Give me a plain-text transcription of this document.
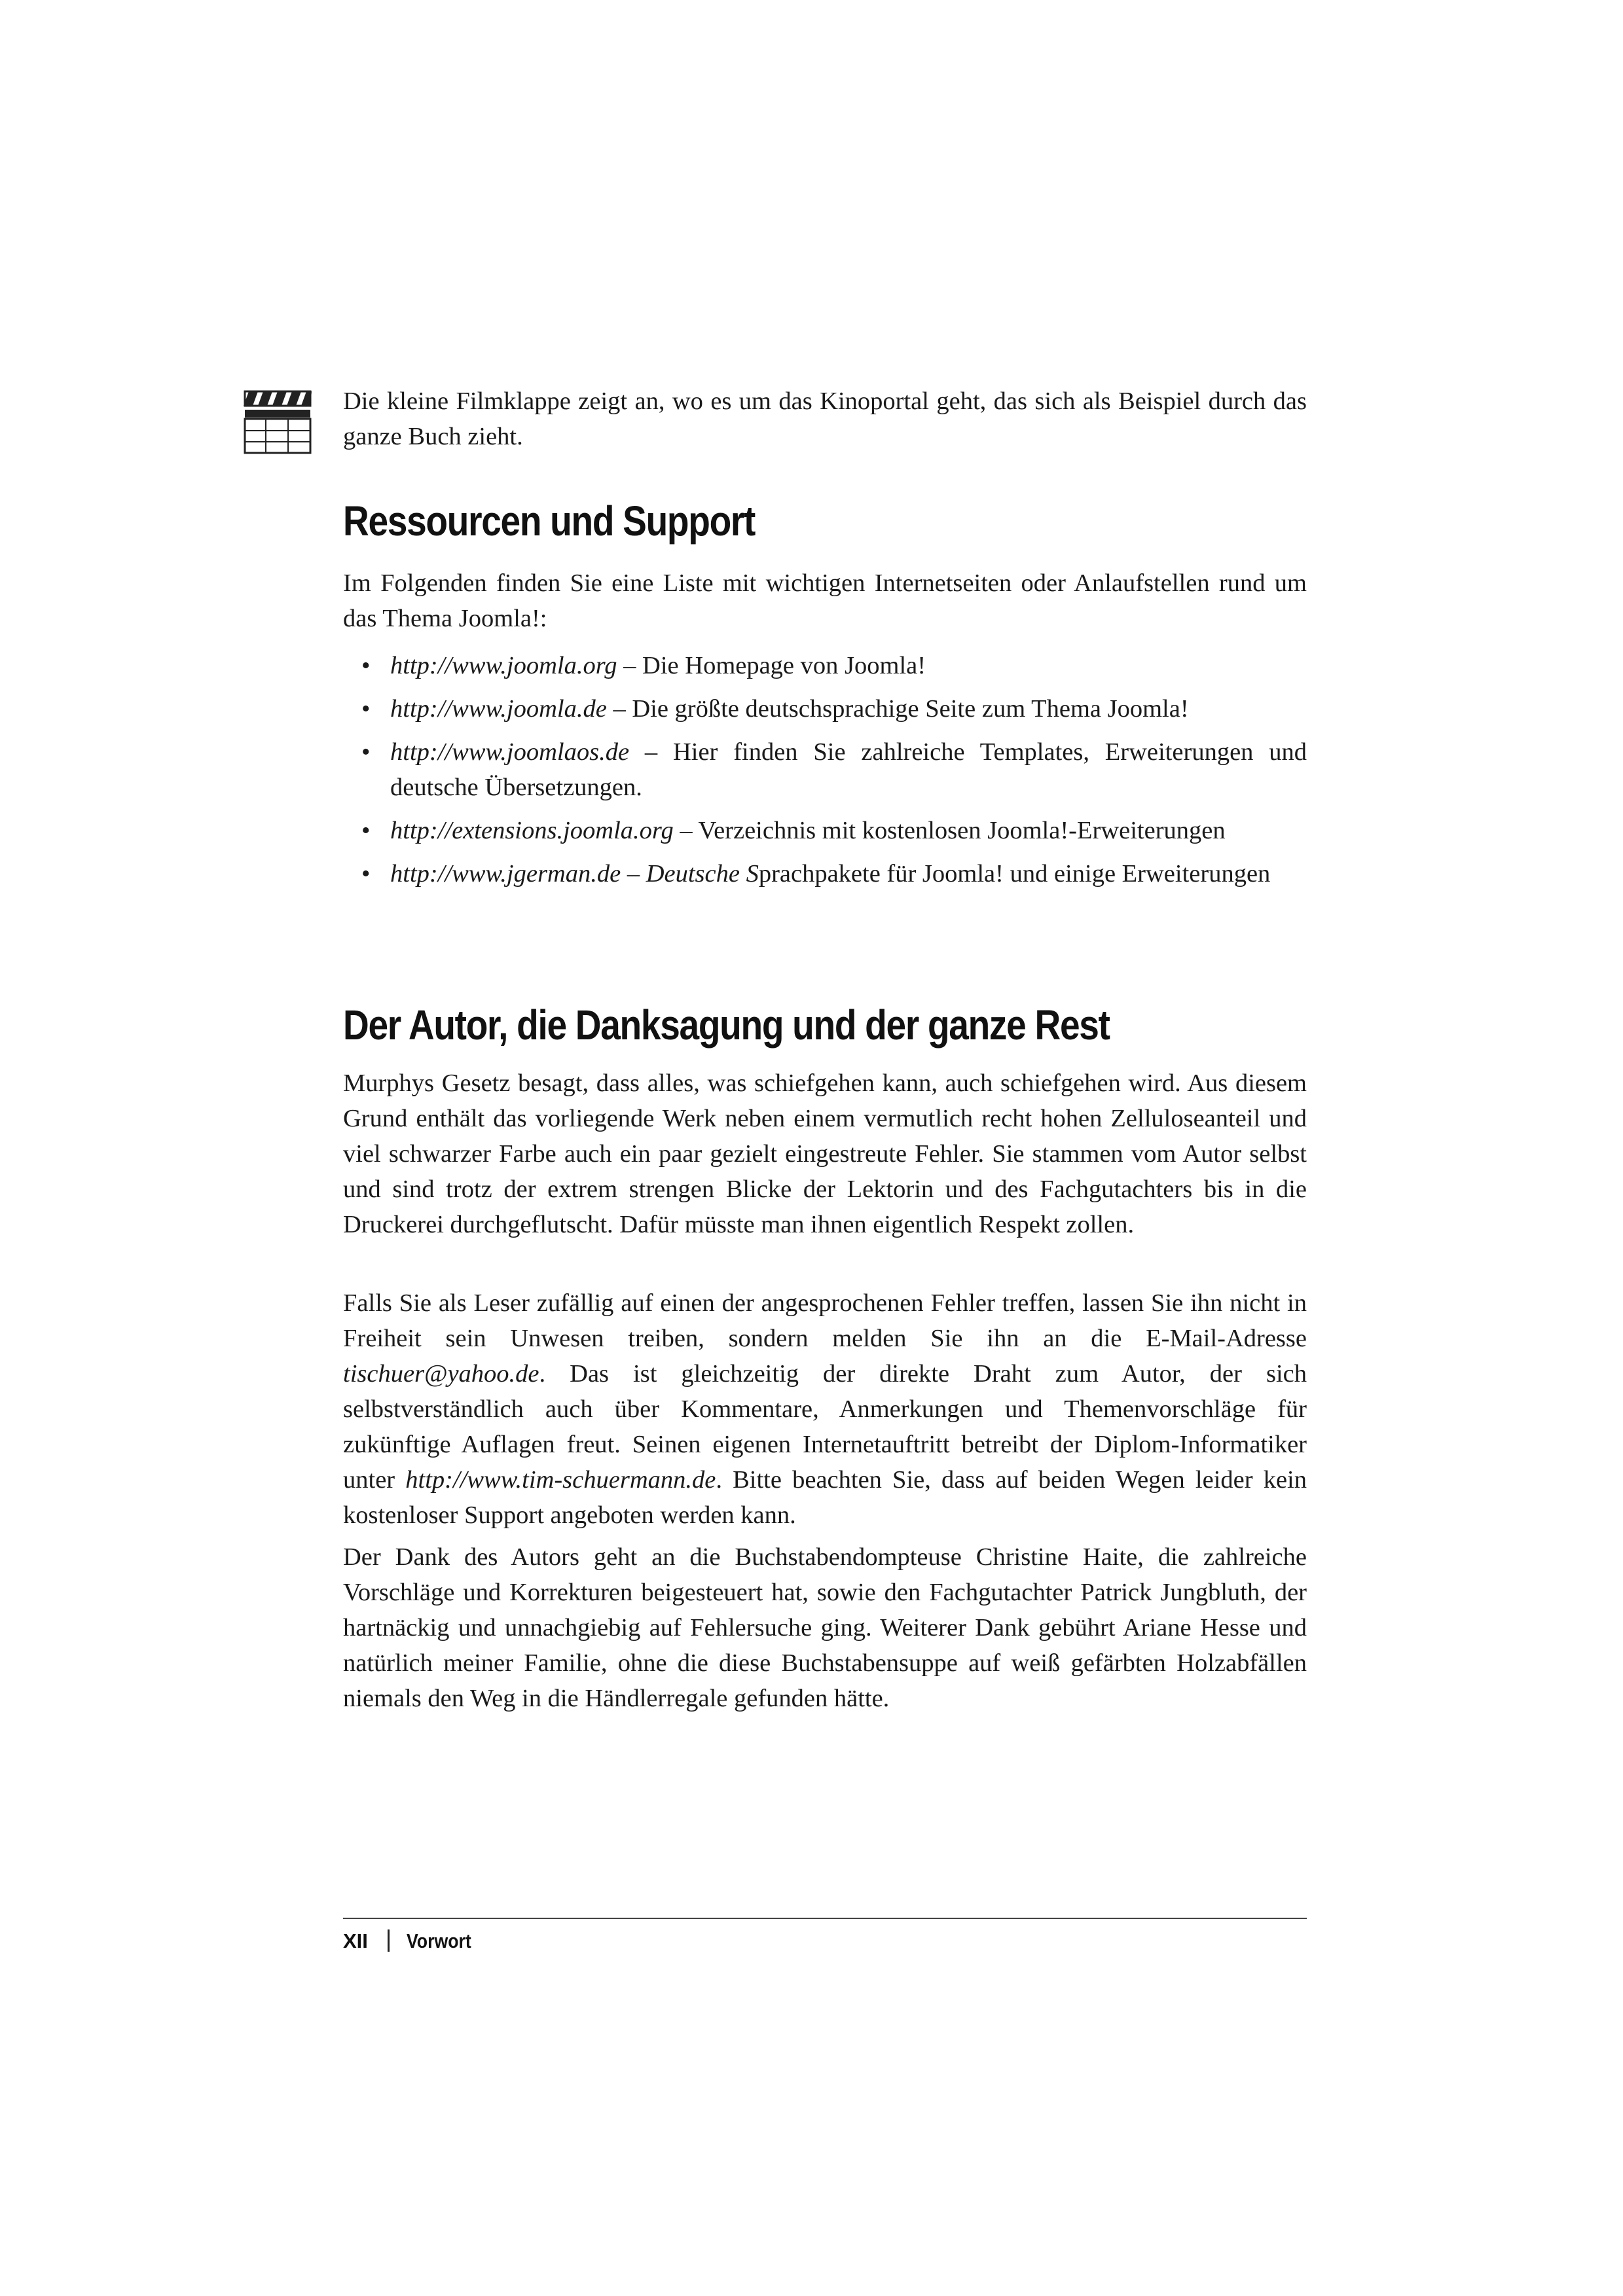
Die kleine Filmklappe zeigt an, wo es um das Kinoportal geht, das sich als Beispiel durch das ganze Buch zieht.
Ressourcen und Support
Im Folgenden finden Sie eine Liste mit wichtigen Internetseiten oder Anlaufstellen rund um das Thema Joomla!:
• http://www.joomla.org – Die Homepage von Joomla!
• http://www.joomla.de – Die größte deutschsprachige Seite zum Thema Joomla!
• http://www.joomlaos.de – Hier finden Sie zahlreiche Templates, Erweiterungen und deutsche Übersetzungen.
• http://extensions.joomla.org – Verzeichnis mit kostenlosen Joomla!-Erweiterungen
• http://www.jgerman.de – Deutsche Sprachpakete für Joomla! und einige Erweiterungen
Der Autor, die Danksagung und der ganze Rest
Murphys Gesetz besagt, dass alles, was schiefgehen kann, auch schiefgehen wird. Aus diesem Grund enthält das vorliegende Werk neben einem vermutlich recht hohen Zelluloseanteil und viel schwarzer Farbe auch ein paar gezielt eingestreute Fehler. Sie stammen vom Autor selbst und sind trotz der extrem strengen Blicke der Lektorin und des Fachgutachters bis in die Druckerei durchgeflutscht. Dafür müsste man ihnen eigentlich Respekt zollen.
Falls Sie als Leser zufällig auf einen der angesprochenen Fehler treffen, lassen Sie ihn nicht in Freiheit sein Unwesen treiben, sondern melden Sie ihn an die E-Mail-Adresse tischuer@yahoo.de. Das ist gleichzeitig der direkte Draht zum Autor, der sich selbstverständlich auch über Kommentare, Anmerkungen und Themenvorschläge für zukünftige Auflagen freut. Seinen eigenen Internetauftritt betreibt der Diplom-Informatiker unter http://www.tim-schuermann.de. Bitte beachten Sie, dass auf beiden Wegen leider kein kostenloser Support angeboten werden kann.
Der Dank des Autors geht an die Buchstabendompteuse Christine Haite, die zahlreiche Vorschläge und Korrekturen beigesteuert hat, sowie den Fachgutachter Patrick Jungbluth, der hartnäckig und unnachgiebig auf Fehlersuche ging. Weiterer Dank gebührt Ariane Hesse und natürlich meiner Familie, ohne die diese Buchstabensuppe auf weiß gefärbten Holzabfällen niemals den Weg in die Händlerregale gefunden hätte.
XII Vorwort
